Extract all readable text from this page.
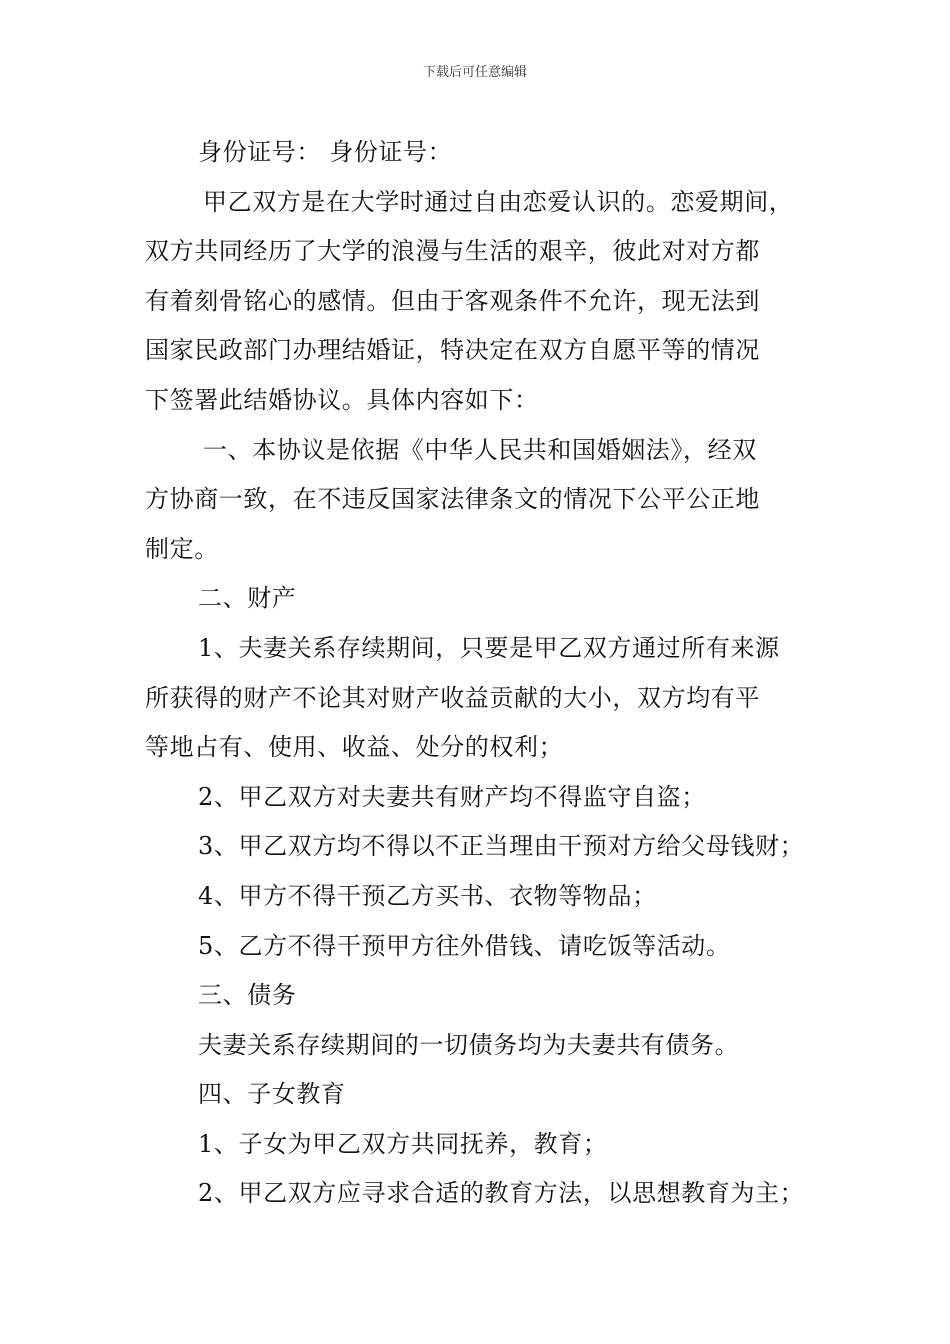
下载后可任意编辑

身份证号： 身份证号：

甲乙双方是在大学时通过自由恋爱认识的。恋爱期间，
双方共同经历了大学的浪漫与生活的艰辛，彼此对对方都
有着刻骨铭心的感情。但由于客观条件不允许，现无法到
国家民政部门办理结婚证，特决定在双方自愿平等的情况
下签署此结婚协议。具体内容如下：

一、本协议是依据《中华人民共和国婚姻法》，经双
方协商一致，在不违反国家法律条文的情况下公平公正地
制定。

二、财产

1、夫妻关系存续期间，只要是甲乙双方通过所有来源
所获得的财产不论其对财产收益贡献的大小，双方均有平
等地占有、使用、收益、处分的权利；

2、甲乙双方对夫妻共有财产均不得监守自盗；

3、甲乙双方均不得以不正当理由干预对方给父母钱财；

4、甲方不得干预乙方买书、衣物等物品；

5、乙方不得干预甲方往外借钱、请吃饭等活动。

三、债务

夫妻关系存续期间的一切债务均为夫妻共有债务。

四、子女教育

1、子女为甲乙双方共同抚养，教育；

2、甲乙双方应寻求合适的教育方法，以思想教育为主；
